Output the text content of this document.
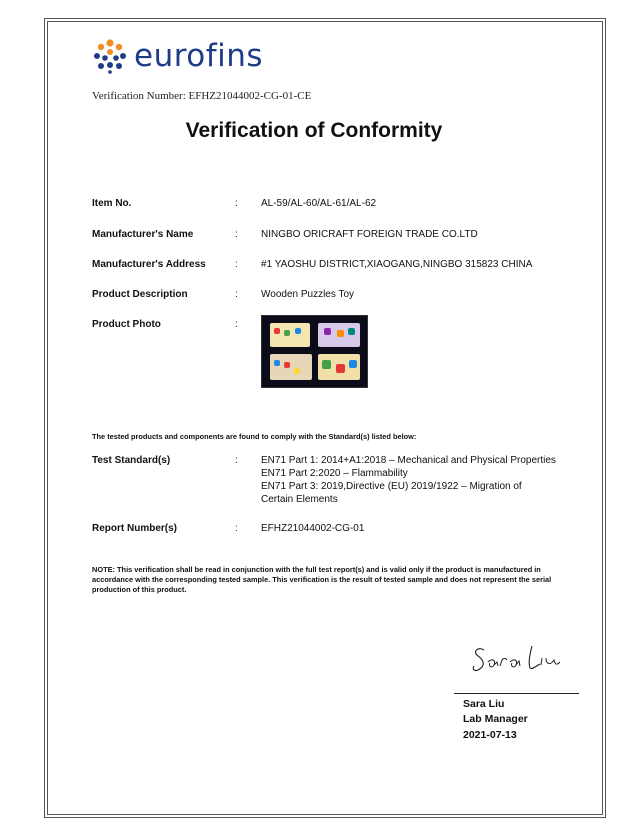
eurofins
Verification Number: EFHZ21044002-CG-01-CE
Verification of Conformity
Item No.	: AL-59/AL-60/AL-61/AL-62
Manufacturer's Name	: NINGBO ORICRAFT FOREIGN TRADE CO.LTD
Manufacturer's Address	: #1 YAOSHU DISTRICT,XIAOGANG,NINGBO 315823 CHINA
Product Description	: Wooden Puzzles Toy
Product Photo	:
The tested products and components are found to comply with the Standard(s) listed below:
Test Standard(s)	: EN71 Part 1: 2014+A1:2018 – Mechanical and Physical Properties
EN71 Part 2:2020 – Flammability
EN71 Part 3: 2019,Directive (EU) 2019/1922 – Migration of
Certain Elements
Report Number(s)	: EFHZ21044002-CG-01
NOTE: This verification shall be read in conjunction with the full test report(s) and is valid only if the product is manufactured in accordance with the corresponding tested sample. This verification is the result of tested sample and does not represent the serial production of this product.
Sara Liu
Lab Manager
2021-07-13
